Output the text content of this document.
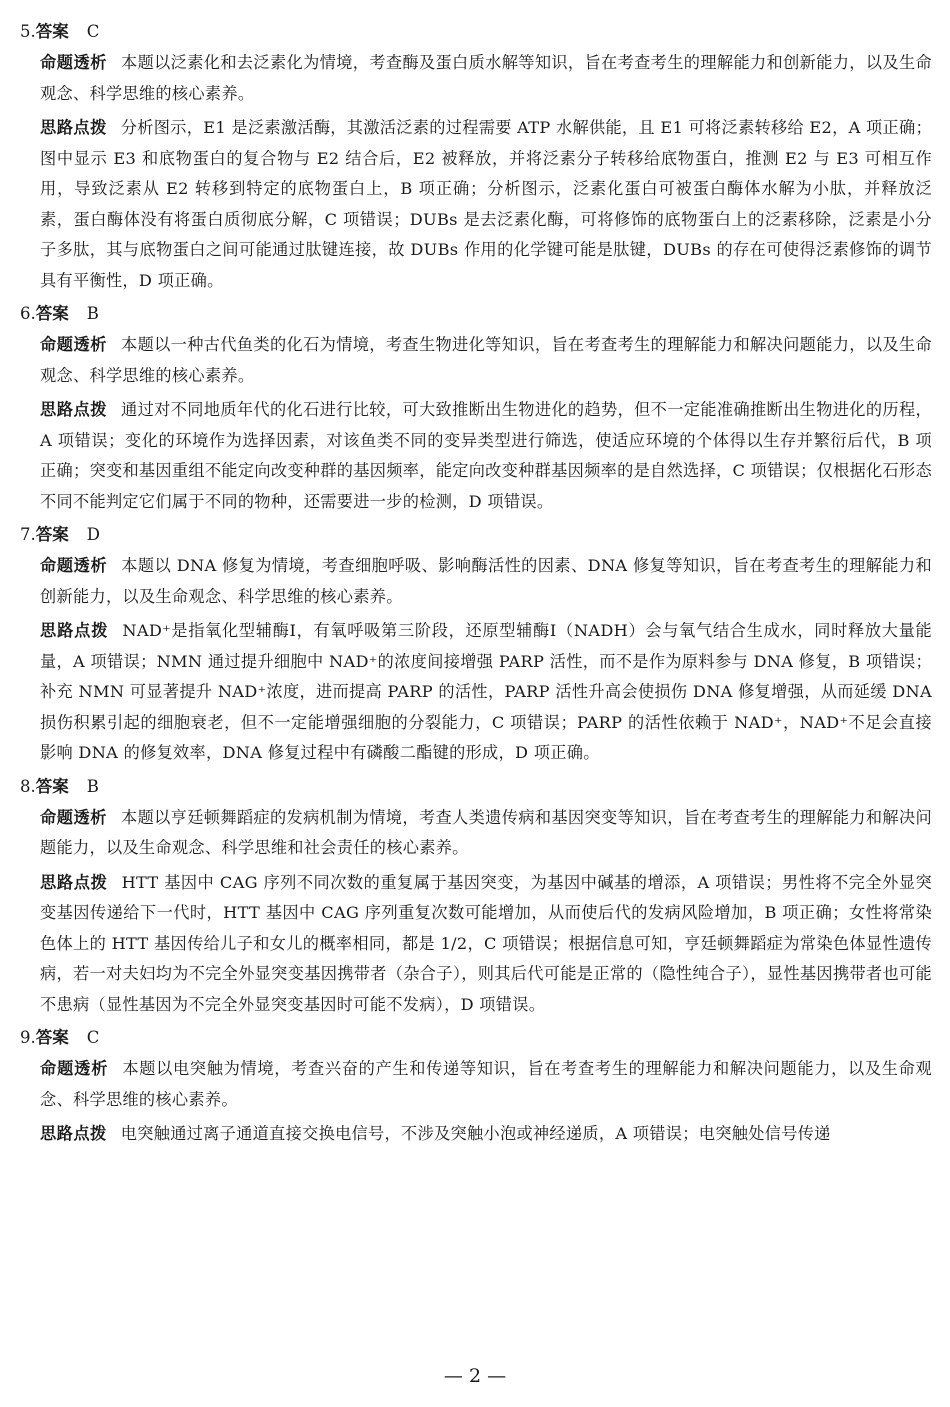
5.答案 C

命题透析 本题以泛素化和去泛素化为情境，考查酶及蛋白质水解等知识，旨在考查考生的理解能力和创新能力，以及生命观念、科学思维的核心素养。

思路点拨 分析图示，E1 是泛素激活酶，其激活泛素的过程需要 ATP 水解供能，且 E1 可将泛素转移给 E2，A 项正确；图中显示 E3 和底物蛋白的复合物与 E2 结合后，E2 被释放，并将泛素分子转移给底物蛋白，推测 E2 与 E3 可相互作用，导致泛素从 E2 转移到特定的底物蛋白上，B 项正确；分析图示，泛素化蛋白可被蛋白酶体水解为小肽，并释放泛素，蛋白酶体没有将蛋白质彻底分解，C 项错误；DUBs 是去泛素化酶，可将修饰的底物蛋白上的泛素移除，泛素是小分子多肽，其与底物蛋白之间可能通过肽键连接，故 DUBs 作用的化学键可能是肽键，DUBs 的存在可使得泛素修饰的调节具有平衡性，D 项正确。

6.答案 B

命题透析 本题以一种古代鱼类的化石为情境，考查生物进化等知识，旨在考查考生的理解能力和解决问题能力，以及生命观念、科学思维的核心素养。

思路点拨 通过对不同地质年代的化石进行比较，可大致推断出生物进化的趋势，但不一定能准确推断出生物进化的历程，A 项错误；变化的环境作为选择因素，对该鱼类不同的变异类型进行筛选，使适应环境的个体得以生存并繁衍后代，B 项正确；突变和基因重组不能定向改变种群的基因频率，能定向改变种群基因频率的是自然选择，C 项错误；仅根据化石形态不同不能判定它们属于不同的物种，还需要进一步的检测，D 项错误。

7.答案 D

命题透析 本题以 DNA 修复为情境，考查细胞呼吸、影响酶活性的因素、DNA 修复等知识，旨在考查考生的理解能力和创新能力，以及生命观念、科学思维的核心素养。

思路点拨 NAD⁺是指氧化型辅酶Ⅰ，有氧呼吸第三阶段，还原型辅酶Ⅰ（NADH）会与氧气结合生成水，同时释放大量能量，A 项错误；NMN 通过提升细胞中 NAD⁺的浓度间接增强 PARP 活性，而不是作为原料参与 DNA 修复，B 项错误；补充 NMN 可显著提升 NAD⁺浓度，进而提高 PARP 的活性，PARP 活性升高会使损伤 DNA 修复增强，从而延缓 DNA 损伤积累引起的细胞衰老，但不一定能增强细胞的分裂能力，C 项错误；PARP 的活性依赖于 NAD⁺，NAD⁺不足会直接影响 DNA 的修复效率，DNA 修复过程中有磷酸二酯键的形成，D 项正确。

8.答案 B

命题透析 本题以亨廷顿舞蹈症的发病机制为情境，考查人类遗传病和基因突变等知识，旨在考查考生的理解能力和解决问题能力，以及生命观念、科学思维和社会责任的核心素养。

思路点拨 HTT 基因中 CAG 序列不同次数的重复属于基因突变，为基因中碱基的增添，A 项错误；男性将不完全外显突变基因传递给下一代时，HTT 基因中 CAG 序列重复次数可能增加，从而使后代的发病风险增加，B 项正确；女性将常染色体上的 HTT 基因传给儿子和女儿的概率相同，都是 1/2，C 项错误；根据信息可知，亨廷顿舞蹈症为常染色体显性遗传病，若一对夫妇均为不完全外显突变基因携带者（杂合子），则其后代可能是正常的（隐性纯合子），显性基因携带者也可能不患病（显性基因为不完全外显突变基因时可能不发病），D 项错误。

9.答案 C

命题透析 本题以电突触为情境，考查兴奋的产生和传递等知识，旨在考查考生的理解能力和解决问题能力，以及生命观念、科学思维的核心素养。

思路点拨 电突触通过离子通道直接交换电信号，不涉及突触小泡或神经递质，A 项错误；电突触处信号传递

— 2 —
